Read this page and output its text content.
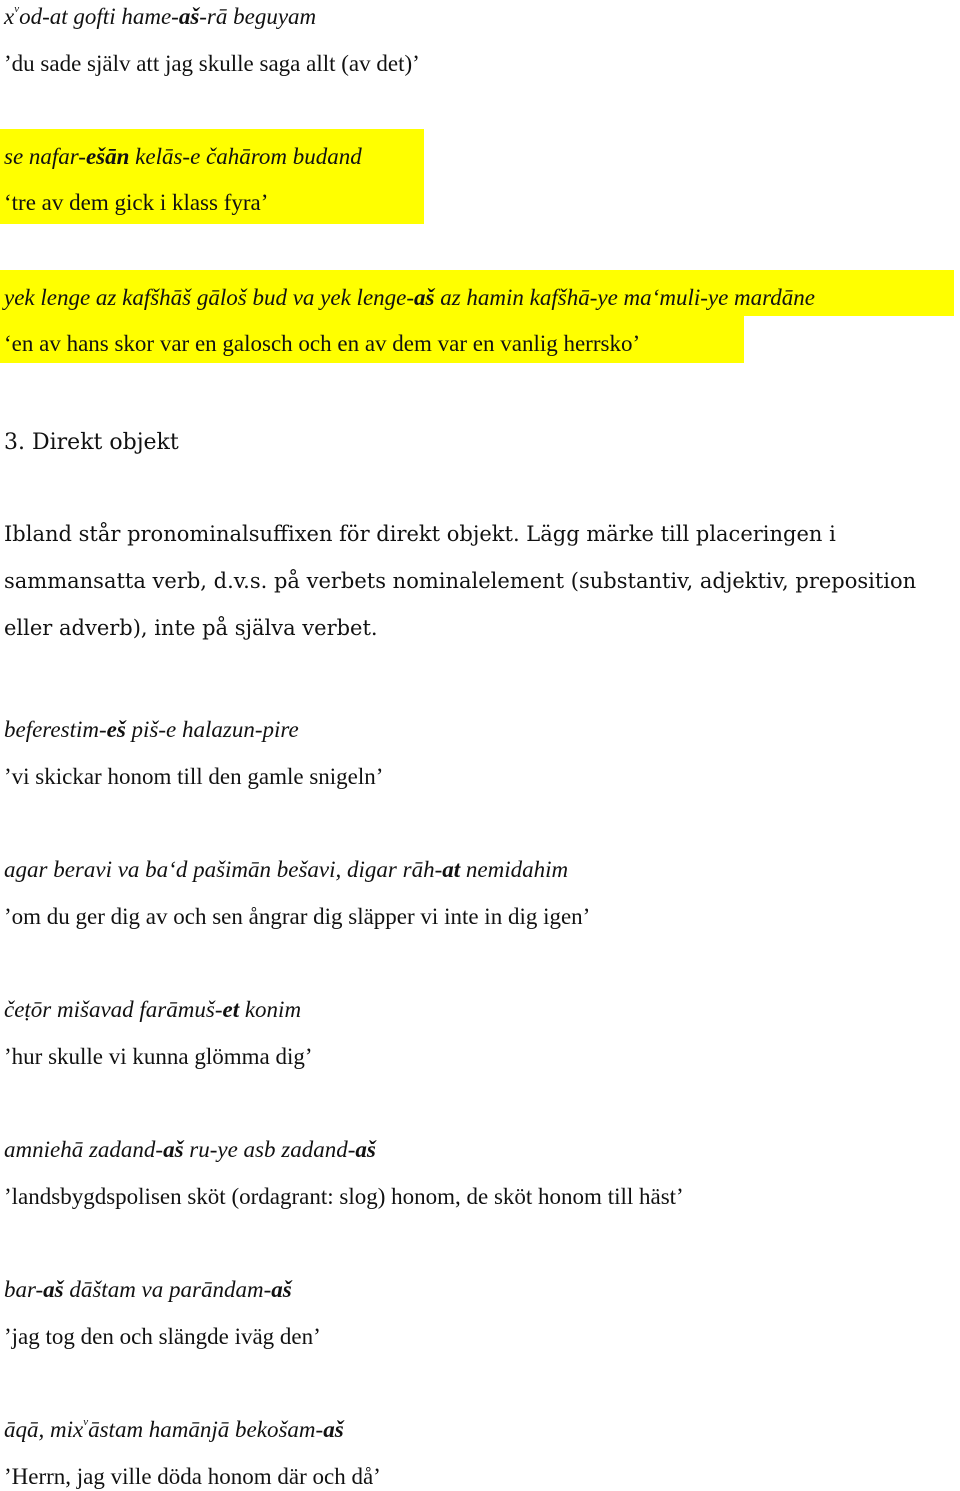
$x^vod-at$ gofti hame-aš-rā beguyam
’du sade själv att jag skulle saga allt (av det)’
se nafar-ešān kelās-e čahārom budand
‘tre av dem gick i klass fyra’
yek lenge az kafšhāš gāloš bud va yek lenge-aš az hamin kafšhā-ye ma‘muli-ye mardāne
‘en av hans skor var en galosch och en av dem var en vanlig herrsko’
3. Direkt objekt
Ibland står pronominalsuffixen för direkt objekt. Lägg märke till placeringen i
sammansatta verb, d.v.s. på verbets nominalelement (substantiv, adjektiv, preposition
eller adverb), inte på själva verbet.
beferestim-eš piš-e halazun-pire
’vi skickar honom till den gamle snigeln’
agar beravi va ba‘d pašimān bešavi, digar rāh-at nemidahim
’om du ger dig av och sen ångrar dig släpper vi inte in dig igen’
čeṭōr mišavad farāmuš-et konim
’hur skulle vi kunna glömma dig’
amniehā zadand-aš ru-ye asb zadand-aš
’landsbygdspolisen sköt (ordagrant: slog) honom, de sköt honom till häst’
bar-aš dāštam va parāndam-aš
’jag tog den och slängde iväg den’
āqā, mix$^v$āstam hamānjā bekošam-aš
’Herrn, jag ville döda honom där och då’
